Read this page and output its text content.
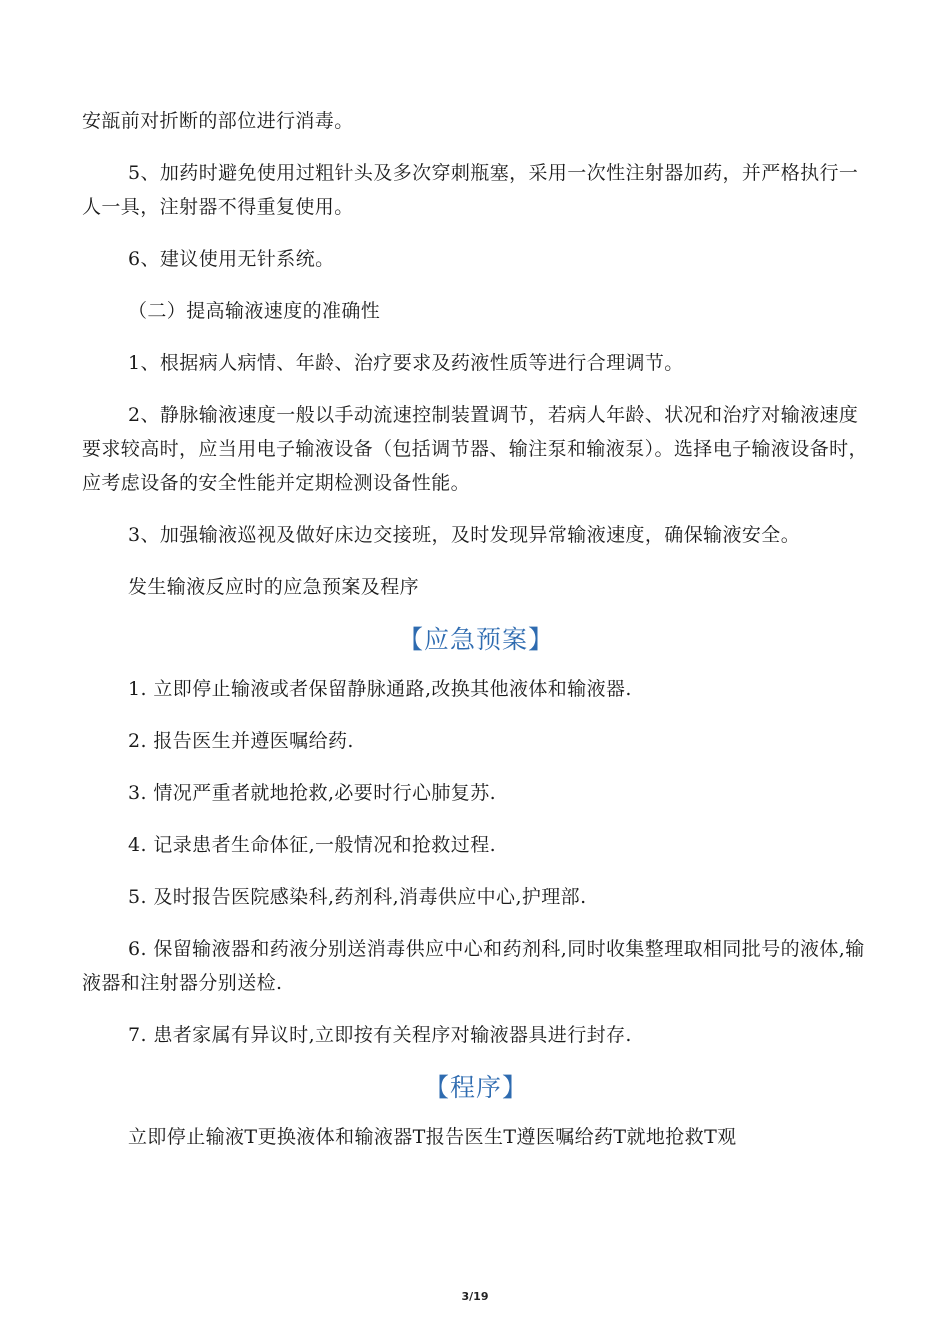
安瓿前对折断的部位进行消毒。

5、加药时避免使用过粗针头及多次穿刺瓶塞，采用一次性注射器加药，并严格执行一人一具，注射器不得重复使用。

6、建议使用无针系统。

（二）提高输液速度的准确性

1、根据病人病情、年龄、治疗要求及药液性质等进行合理调节。

2、静脉输液速度一般以手动流速控制装置调节，若病人年龄、状况和治疗对输液速度要求较高时，应当用电子输液设备（包括调节器、输注泵和输液泵）。选择电子输液设备时，应考虑设备的安全性能并定期检测设备性能。

3、加强输液巡视及做好床边交接班，及时发现异常输液速度，确保输液安全。

发生输液反应时的应急预案及程序

【应急预案】

1. 立即停止输液或者保留静脉通路,改换其他液体和输液器.

2. 报告医生并遵医嘱给药.

3. 情况严重者就地抢救,必要时行心肺复苏.

4. 记录患者生命体征,一般情况和抢救过程.

5. 及时报告医院感染科,药剂科,消毒供应中心,护理部.

6. 保留输液器和药液分别送消毒供应中心和药剂科,同时收集整理取相同批号的液体,输液器和注射器分别送检.

7. 患者家属有异议时,立即按有关程序对输液器具进行封存.

【程序】

立即停止输液T更换液体和输液器T报告医生T遵医嘱给药T就地抢救T观

3/19
